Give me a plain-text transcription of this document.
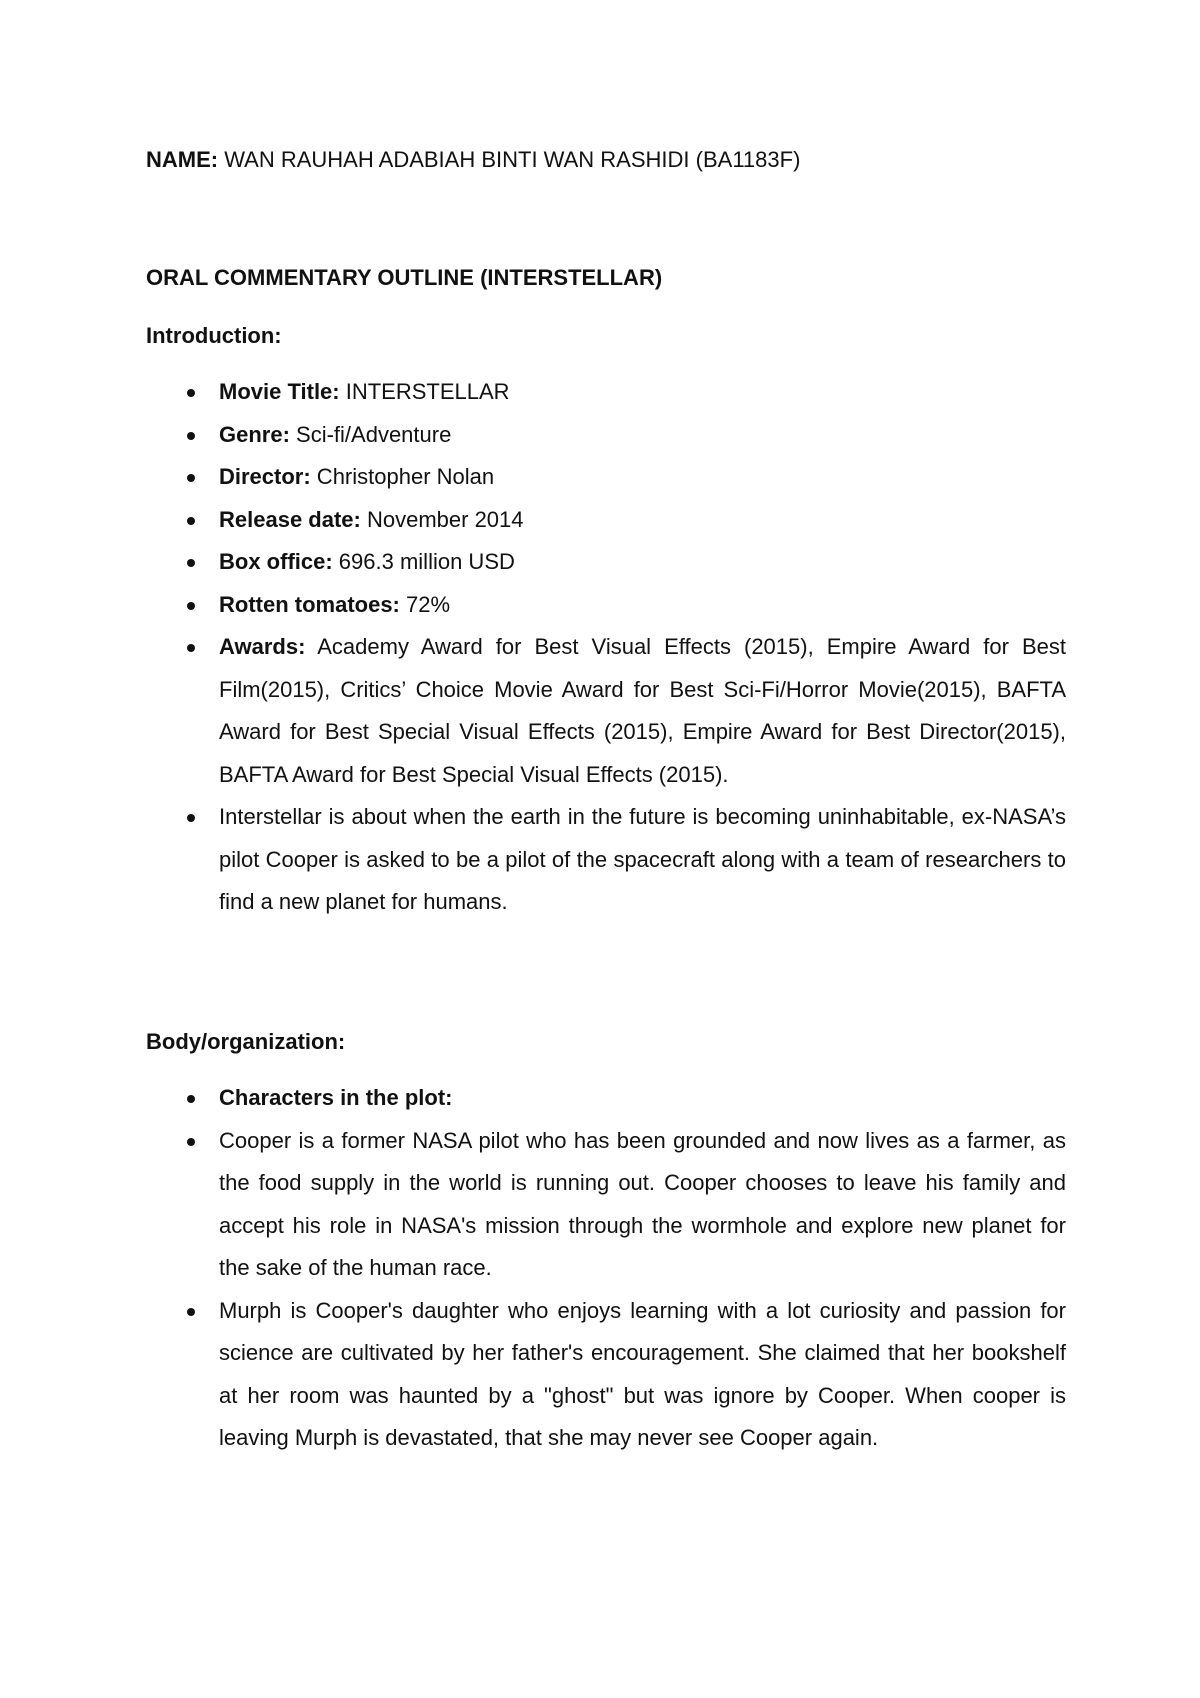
NAME: WAN RAUHAH ADABIAH BINTI WAN RASHIDI (BA1183F)
ORAL COMMENTARY OUTLINE (INTERSTELLAR)
Introduction:
Movie Title: INTERSTELLAR
Genre: Sci-fi/Adventure
Director: Christopher Nolan
Release date: November 2014
Box office: 696.3 million USD
Rotten tomatoes: 72%
Awards: Academy Award for Best Visual Effects (2015), Empire Award for Best Film(2015), Critics’ Choice Movie Award for Best Sci-Fi/Horror Movie(2015), BAFTA Award for Best Special Visual Effects (2015), Empire Award for Best Director(2015), BAFTA Award for Best Special Visual Effects (2015).
Interstellar is about when the earth in the future is becoming uninhabitable, ex-NASA’s pilot Cooper is asked to be a pilot of the spacecraft along with a team of researchers to find a new planet for humans.
Body/organization:
Characters in the plot:
Cooper is a former NASA pilot who has been grounded and now lives as a farmer, as the food supply in the world is running out. Cooper chooses to leave his family and accept his role in NASA's mission through the wormhole and explore new planet for the sake of the human race.
Murph is Cooper's daughter who enjoys learning with a lot curiosity and passion for science are cultivated by her father's encouragement. She claimed that her bookshelf at her room was haunted by a "ghost" but was ignore by Cooper. When cooper is leaving Murph is devastated, that she may never see Cooper again.
